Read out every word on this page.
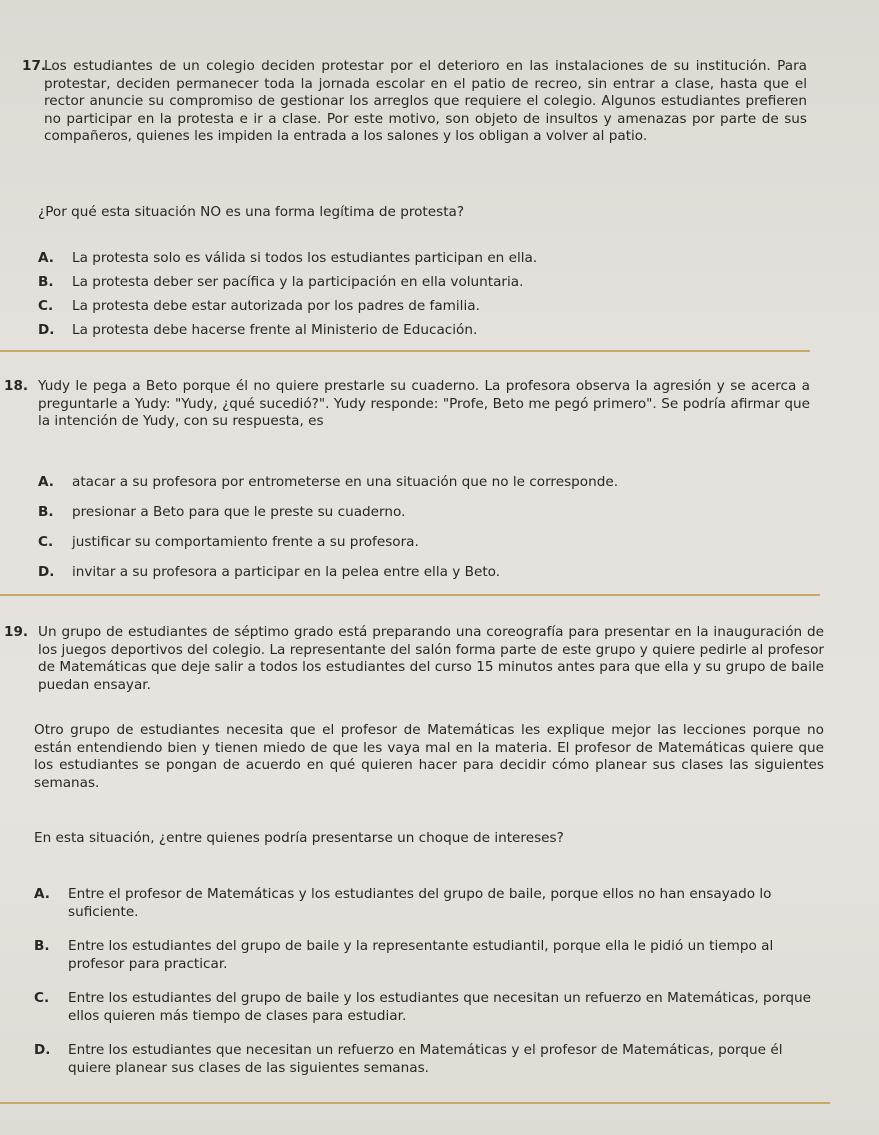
17.

Los estudiantes de un colegio deciden protestar por el deterioro en las instalaciones de su institución. Para protestar, deciden permanecer toda la jornada escolar en el patio de recreo, sin entrar a clase, hasta que el rector anuncie su compromiso de gestionar los arreglos que requiere el colegio. Algunos estudiantes prefieren no participar en la protesta e ir a clase. Por este motivo, son objeto de insultos y amenazas por parte de sus compañeros, quienes les impiden la entrada a los salones y los obligan a volver al patio.

¿Por qué esta situación NO es una forma legítima de protesta?

A.	La protesta solo es válida si todos los estudiantes participan en ella.
B.	La protesta deber ser pacífica y la participación en ella voluntaria.
C.	La protesta debe estar autorizada por los padres de familia.
D.	La protesta debe hacerse frente al Ministerio de Educación.
18. Yudy le pega a Beto porque él no quiere prestarle su cuaderno. La profesora observa la agresión y se acerca a preguntarle a Yudy: "Yudy, ¿qué sucedió?". Yudy responde: "Profe, Beto me pegó primero". Se podría afirmar que la intención de Yudy, con su respuesta, es

A.	atacar a su profesora por entrometerse en una situación que no le corresponde.
B.	presionar a Beto para que le preste su cuaderno.
C.	justificar su comportamiento frente a su profesora.
D.	invitar a su profesora a participar en la pelea entre ella y Beto.
19. Un grupo de estudiantes de séptimo grado está preparando una coreografía para presentar en la inauguración de los juegos deportivos del colegio. La representante del salón forma parte de este grupo y quiere pedirle al profesor de Matemáticas que deje salir a todos los estudiantes del curso 15 minutos antes para que ella y su grupo de baile puedan ensayar.

Otro grupo de estudiantes necesita que el profesor de Matemáticas les explique mejor las lecciones porque no están entendiendo bien y tienen miedo de que les vaya mal en la materia. El profesor de Matemáticas quiere que los estudiantes se pongan de acuerdo en qué quieren hacer para decidir cómo planear sus clases las siguientes semanas.

En esta situación, ¿entre quienes podría presentarse un choque de intereses?

A.	Entre el profesor de Matemáticas y los estudiantes del grupo de baile, porque ellos no han ensayado lo suficiente.
B.	Entre los estudiantes del grupo de baile y la representante estudiantil, porque ella le pidió un tiempo al profesor para practicar.
C.	Entre los estudiantes del grupo de baile y los estudiantes que necesitan un refuerzo en Matemáticas, porque ellos quieren más tiempo de clases para estudiar.
D.	Entre los estudiantes que necesitan un refuerzo en Matemáticas y el profesor de Matemáticas, porque él quiere planear sus clases de las siguientes semanas.
